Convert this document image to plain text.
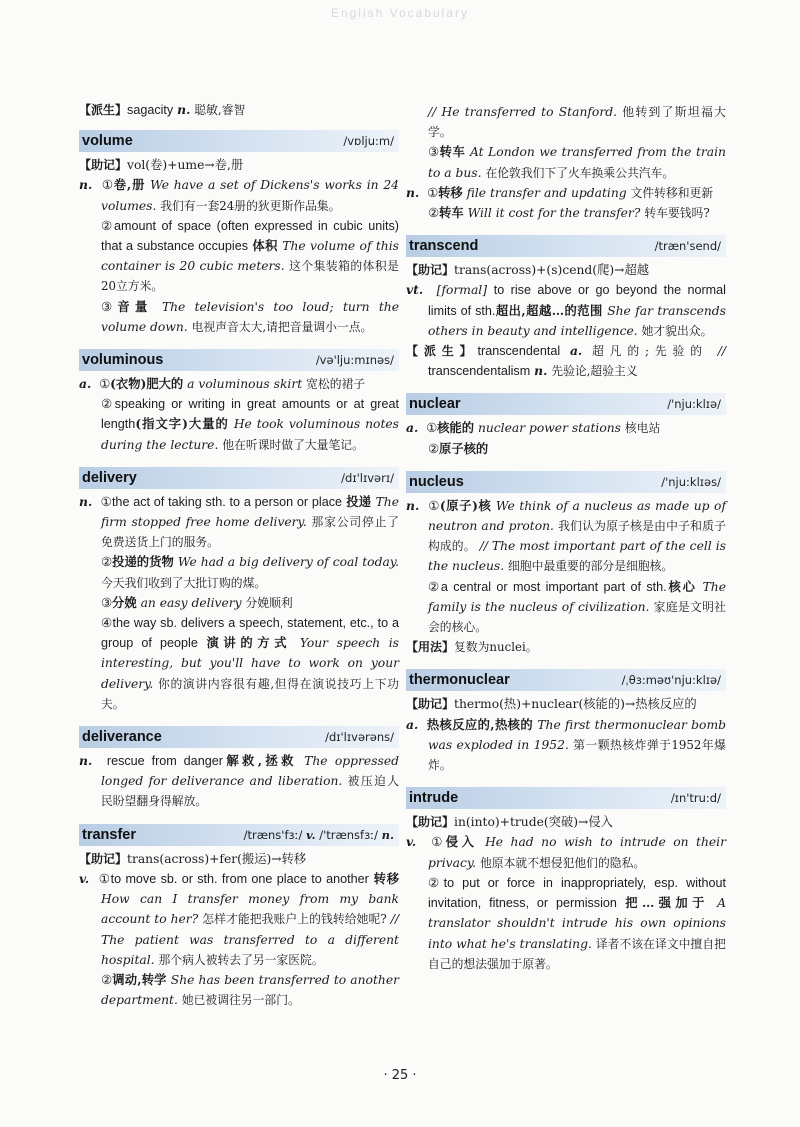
English Vocabulary

【派生】sagacity n. 聪敏,睿智

volume	/vɒlju:m/

【助记】vol(卷)+ume→卷,册

n. ①卷,册 We have a set of Dickens's works in 24 volumes. 我们有一套24册的狄更斯作品集。

②amount of space (often expressed in cubic units) that a substance occupies 体积 The volume of this container is 20 cubic meters. 这个集装箱的体积是20立方米。

③音量 The television's too loud; turn the volume down. 电视声音太大,请把音量调小一点。

voluminous	/və'lju:mɪnəs/

a. ①(衣物)肥大的 a voluminous skirt 宽松的裙子

②speaking or writing in great amounts or at great length(指文字)大量的 He took voluminous notes during the lecture. 他在听课时做了大量笔记。

delivery	/dɪ'lɪvərɪ/

n. ①the act of taking sth. to a person or place 投递 The firm stopped free home delivery. 那家公司停止了免费送货上门的服务。

②投递的货物 We had a big delivery of coal today. 今天我们收到了大批订购的煤。

③分娩 an easy delivery 分娩顺利

④the way sb. delivers a speech, statement, etc., to a group of people 演讲的方式 Your speech is interesting, but you'll have to work on your delivery. 你的演讲内容很有趣,但得在演说技巧上下功夫。

deliverance	/dɪ'lɪvərəns/

n. rescue from danger解救,拯救 The oppressed longed for deliverance and liberation. 被压迫人民盼望翻身得解放。

transfer	/træns'fɜː/ v. /'trænsfɜː/ n.

【助记】trans(across)+fer(搬运)→转移

v. ①to move sb. or sth. from one place to another 转移 How can I transfer money from my bank account to her? 怎样才能把我账户上的钱转给她呢? // The patient was transferred to a different hospital. 那个病人被转去了另一家医院。

②调动,转学 She has been transferred to another department. 她已被调往另一部门。

// He transferred to Stanford. 他转到了斯坦福大学。

③转车 At London we transferred from the train to a bus. 在伦敦我们下了火车换乘公共汽车。

n. ①转移 file transfer and updating 文件转移和更新

②转车 Will it cost for the transfer? 转车要钱吗?

transcend	/træn'send/

【助记】trans(across)+(s)cend(爬)→超越

vt. [formal] to rise above or go beyond the normal limits of sth.超出,超越…的范围 She far transcends others in beauty and intelligence. 她才貌出众。

【派生】transcendental a. 超凡的;先验的 // transcendentalism n. 先验论,超验主义

nuclear	/'nju:klɪə/

a. ①核能的 nuclear power stations 核电站

②原子核的

nucleus	/'nju:klɪəs/

n. ①(原子)核 We think of a nucleus as made up of neutron and proton. 我们认为原子核是由中子和质子构成的。 // The most important part of the cell is the nucleus. 细胞中最重要的部分是细胞核。

②a central or most important part of sth.核心 The family is the nucleus of civilization. 家庭是文明社会的核心。

【用法】复数为nuclei。

thermonuclear	/ˌθɜ:məʊ'nju:klɪə/

【助记】thermo(热)+nuclear(核能的)→热核反应的

a. 热核反应的,热核的 The first thermonuclear bomb was exploded in 1952. 第一颗热核炸弹于1952年爆炸。

intrude	/ɪn'tru:d/

【助记】in(into)+trude(突破)→侵入

v. ①侵入 He had no wish to intrude on their privacy. 他原本就不想侵犯他们的隐私。

②to put or force in inappropriately, esp. without invitation, fitness, or permission 把…强加于 A translator shouldn't intrude his own opinions into what he's translating. 译者不该在译文中擅自把自己的想法强加于原著。

· 25 ·
